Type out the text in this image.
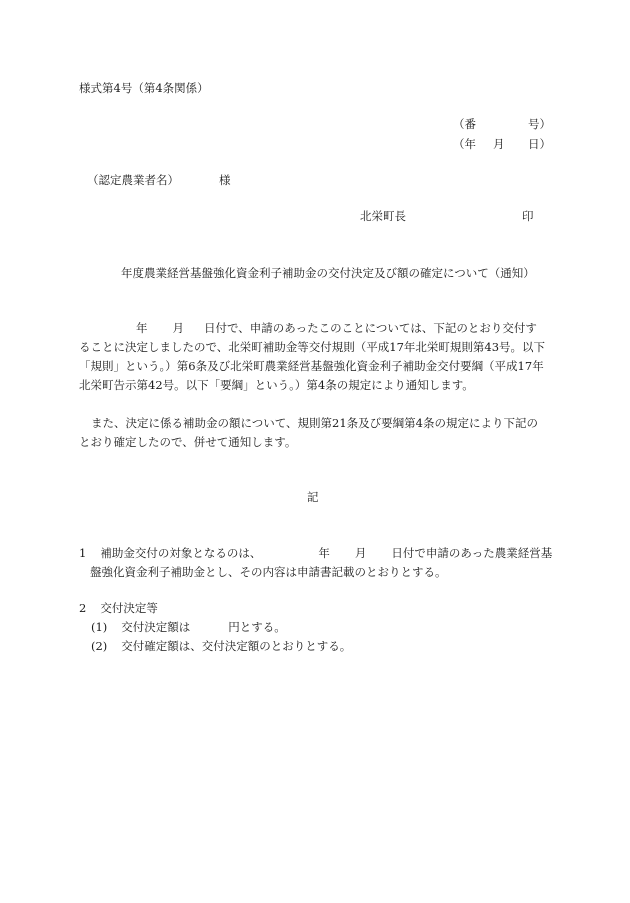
様式第4号（第4条関係）
（番	号）
（年 月 日）
（認定農業者名）	様
北栄町長	印
年度農業経営基盤強化資金利子補助金の交付決定及び額の確定について（通知）
年 月 日付で、申請のあったこのことについては、下記のとおり交付す
ることに決定しましたので、北栄町補助金等交付規則（平成17年北栄町規則第43号。以下
「規則」という。）第6条及び北栄町農業経営基盤強化資金利子補助金交付要綱（平成17年
北栄町告示第42号。以下「要綱」という。）第4条の規定により通知します。
また、決定に係る補助金の額について、規則第21条及び要綱第4条の規定により下記の
とおり確定したので、併せて通知します。
記
1 補助金交付の対象となるのは、	年 月 日付で申請のあった農業経営基
盤強化資金利子補助金とし、その内容は申請書記載のとおりとする。
2 交付決定等
(1) 交付決定額は	円とする。
(2) 交付確定額は、交付決定額のとおりとする。
